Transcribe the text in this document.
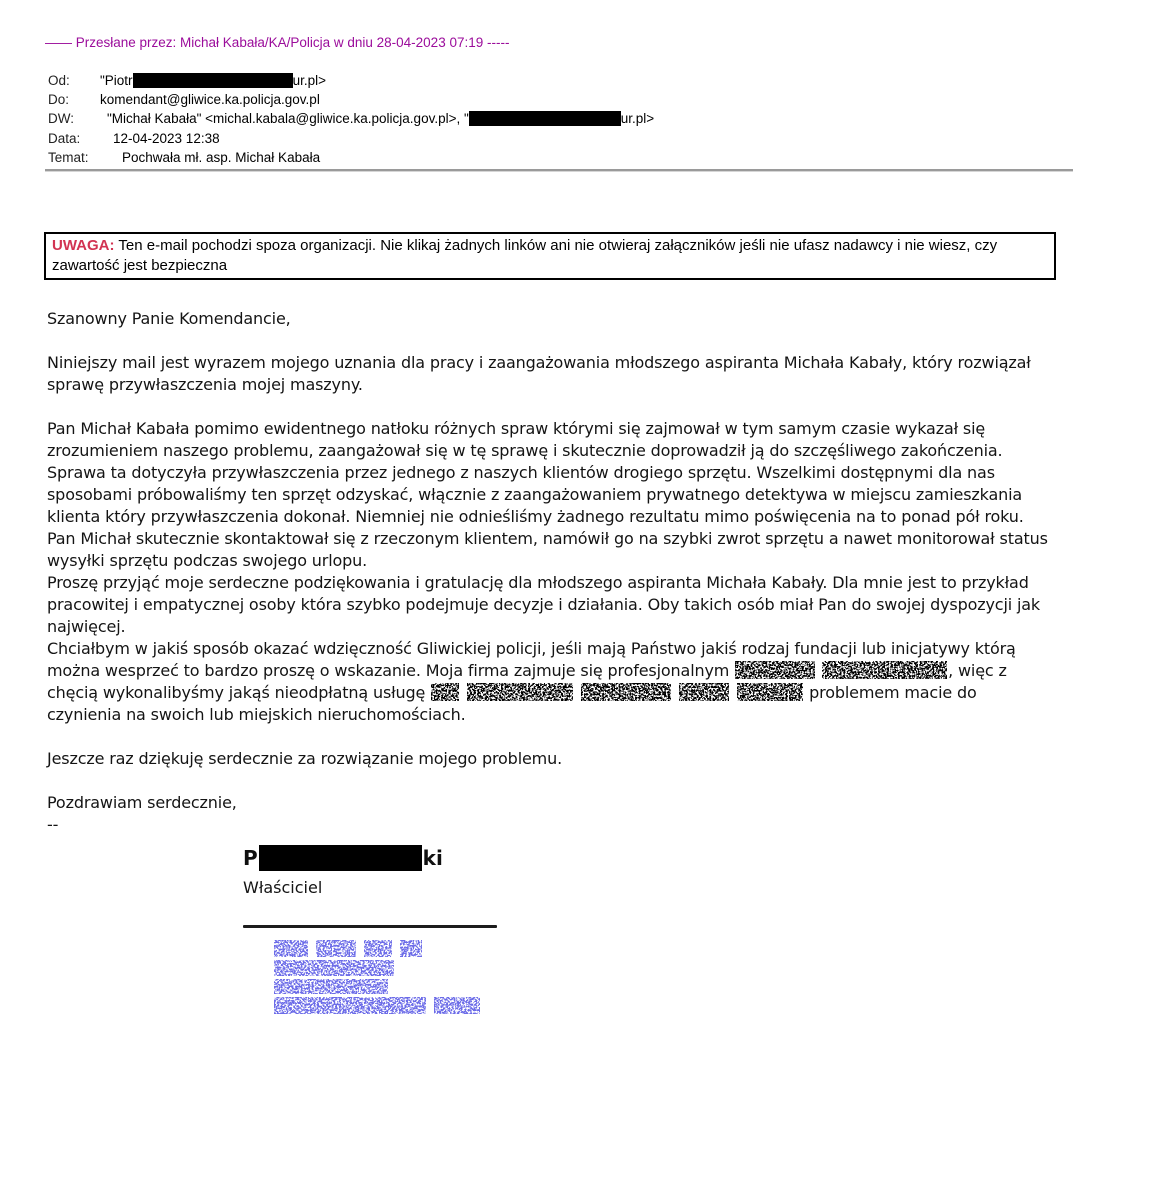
—— Przesłane przez: Michał Kabała/KA/Policja w dniu 28-04-2023 07:19 -----
Od:	"Piotr	ur.pl>
Do:	komendant@gliwice.ka.policja.gov.pl
DW:	"Michał Kabała" <michal.kabala@gliwice.ka.policja.gov.pl>, "	ur.pl>
Data:	12-04-2023 12:38
Temat:	Pochwała mł. asp. Michał Kabała
UWAGA: Ten e-mail pochodzi spoza organizacji. Nie klikaj żadnych linków ani nie otwieraj załączników jeśli nie ufasz nadawcy i nie wiesz, czy zawartość jest bezpieczna

Szanowny Panie Komendancie,

Niniejszy mail jest wyrazem mojego uznania dla pracy i zaangażowania młodszego aspiranta Michała Kabały, który rozwiązał sprawę przywłaszczenia mojej maszyny.

Pan Michał Kabała pomimo ewidentnego natłoku różnych spraw którymi się zajmował w tym samym czasie wykazał się zrozumieniem naszego problemu, zaangażował się w tę sprawę i skutecznie doprowadził ją do szczęśliwego zakończenia. Sprawa ta dotyczyła przywłaszczenia przez jednego z naszych klientów drogiego sprzętu. Wszelkimi dostępnymi dla nas sposobami próbowaliśmy ten sprzęt odzyskać, włącznie z zaangażowaniem prywatnego detektywa w miejscu zamieszkania klienta który przywłaszczenia dokonał. Niemniej nie odnieśliśmy żadnego rezultatu mimo poświęcenia na to ponad pół roku. Pan Michał skutecznie skontaktował się z rzeczonym klientem, namówił go na szybki zwrot sprzętu a nawet monitorował status wysyłki sprzętu podczas swojego urlopu.

Proszę przyjąć moje serdeczne podziękowania i gratulację dla młodszego aspiranta Michała Kabały. Dla mnie jest to przykład pracowitej i empatycznej osoby która szybko podejmuje decyzje i działania. Oby takich osób miał Pan do swojej dyspozycji jak najwięcej.

Chciałbym w jakiś sposób okazać wdzięczność Gliwickiej policji, jeśli mają Państwo jakiś rodzaj fundacji lub inicjatywy którą można wesprzeć to bardzo proszę o wskazanie. Moja firma zajmuje się profesjonalnym	, więc z chęcią wykonalibyśmy jakąś nieodpłatną usługę	problemem macie do czynienia na swoich lub miejskich nieruchomościach.

Jeszcze raz dziękuję serdecznie za rozwiązanie mojego problemu.

Pozdrawiam serdecznie,

--

P	ki
Właściciel
